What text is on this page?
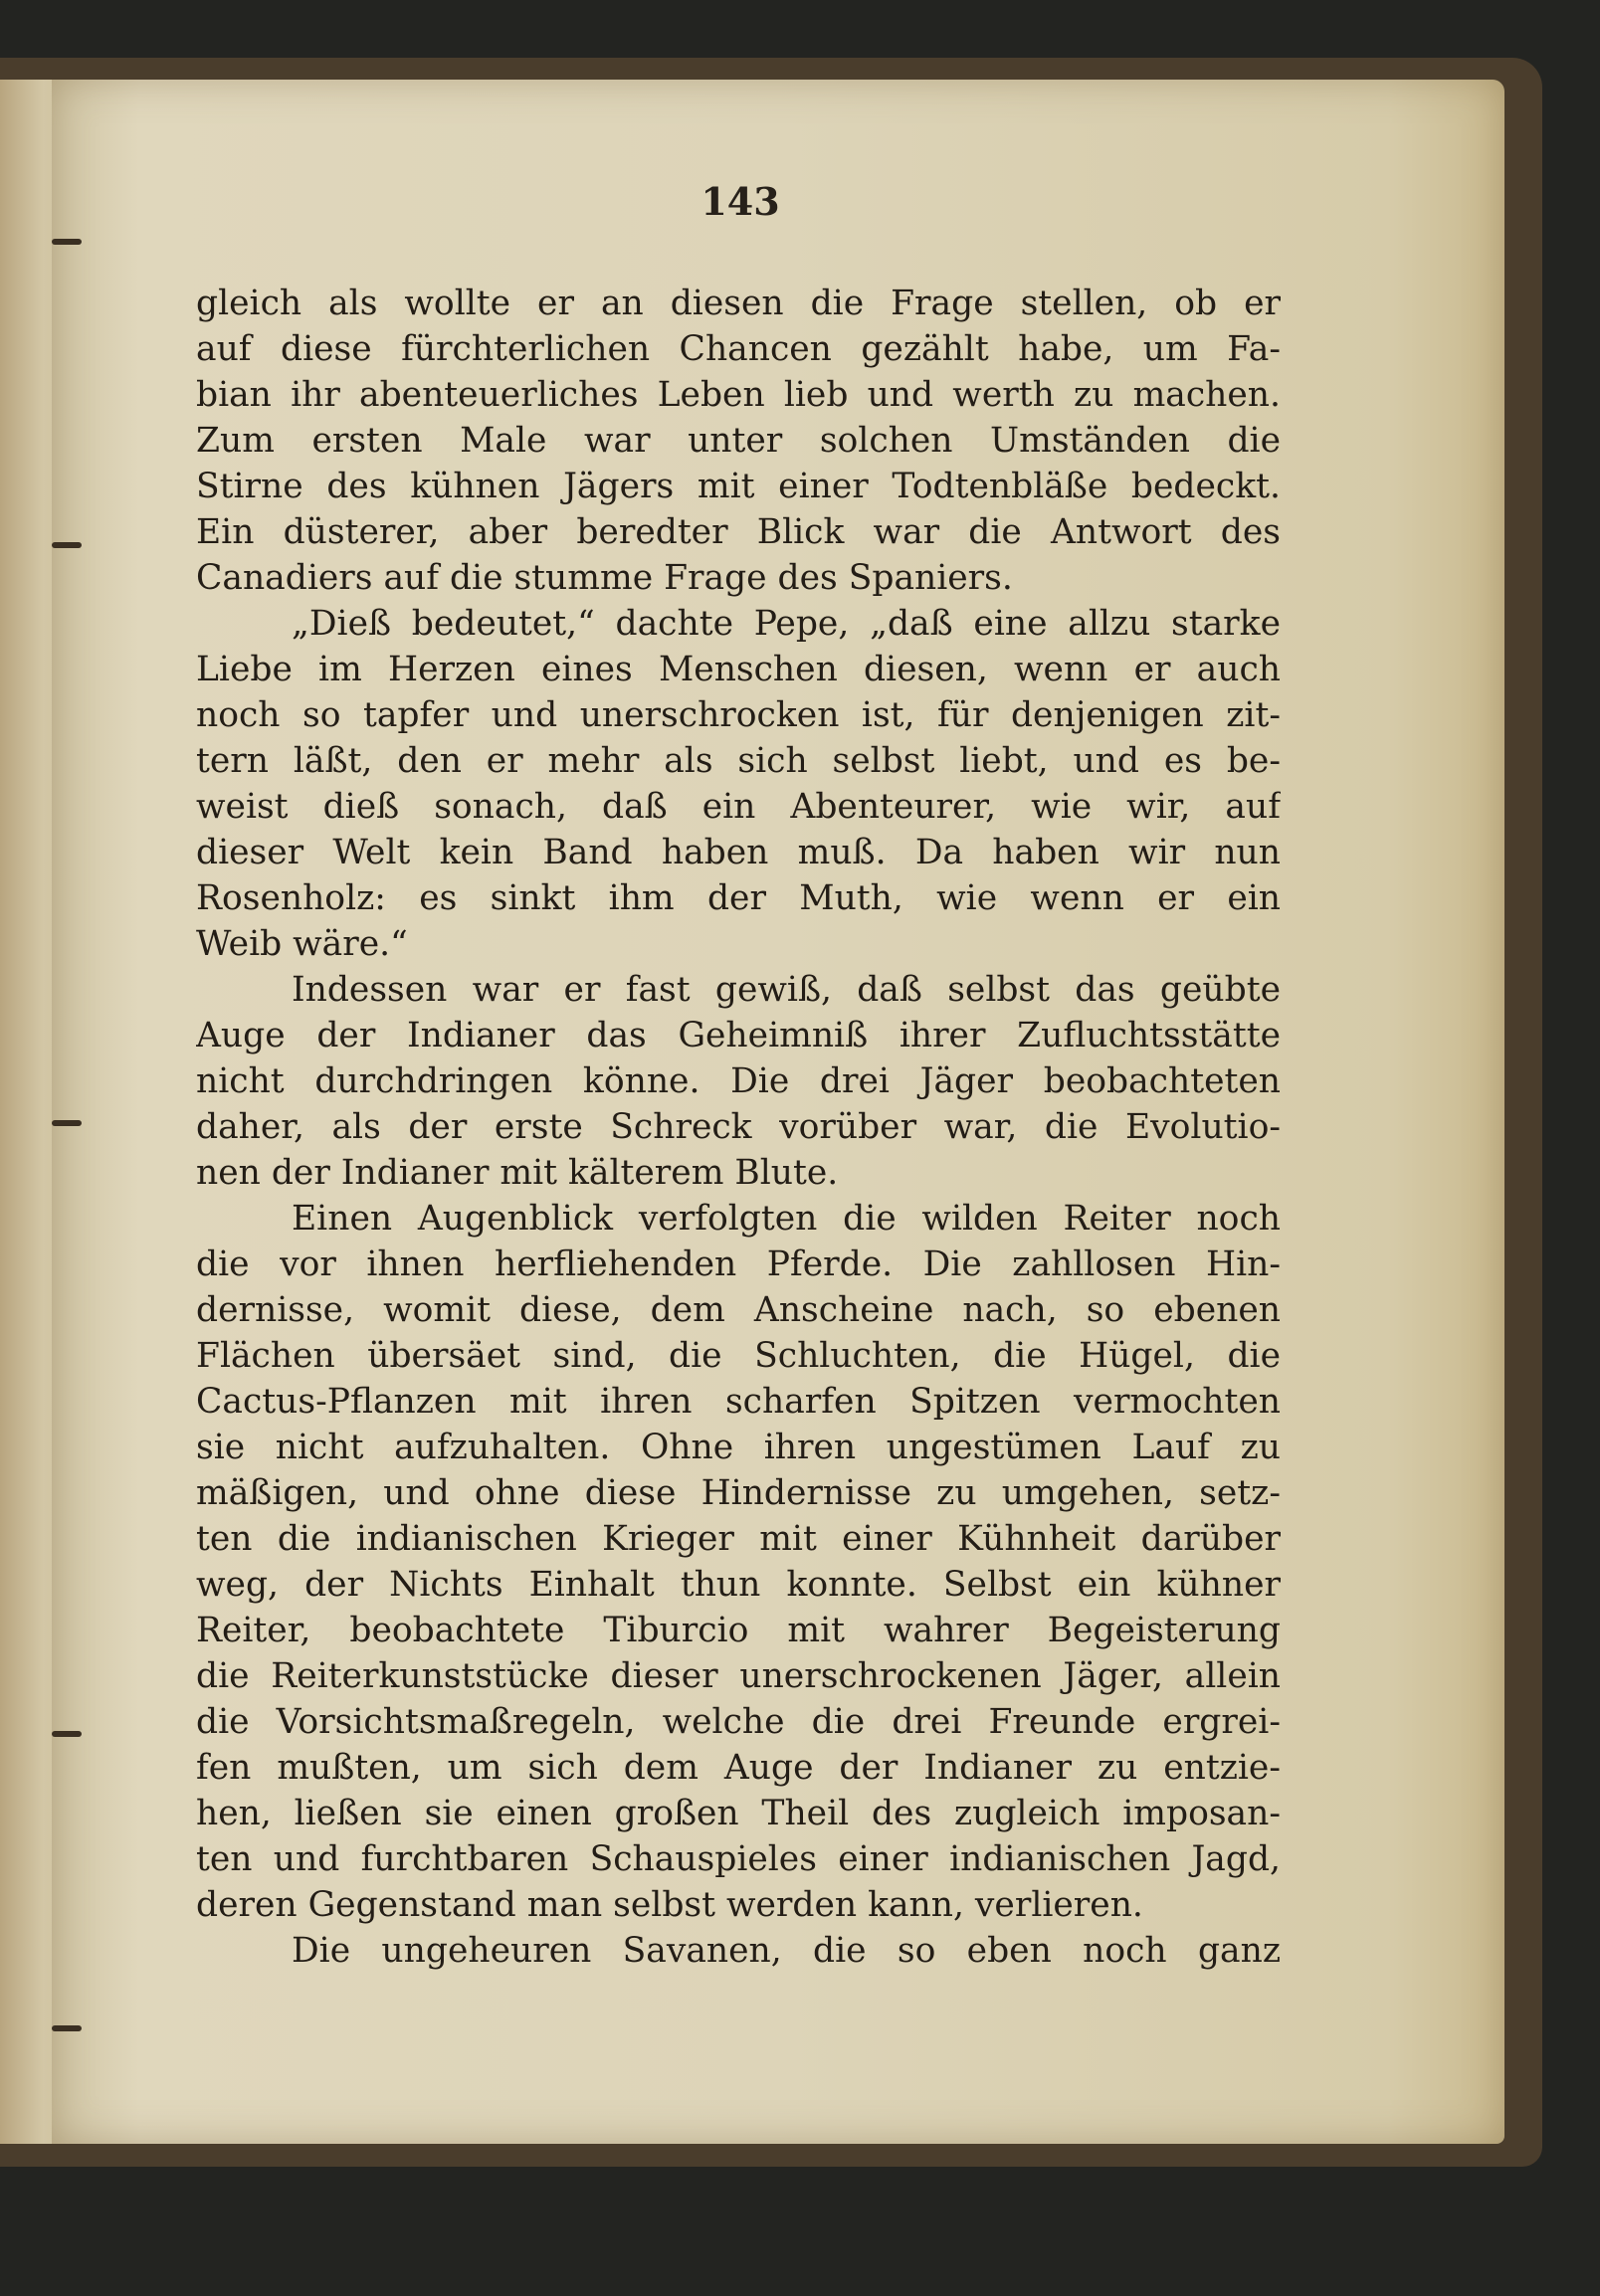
143
gleich als wollte er an diesen die Frage stellen, ob er
auf diese fürchterlichen Chancen gezählt habe, um Fa-
bian ihr abenteuerliches Leben lieb und werth zu machen.
Zum ersten Male war unter solchen Umständen die
Stirne des kühnen Jägers mit einer Todtenbläße bedeckt.
Ein düsterer, aber beredter Blick war die Antwort des
Canadiers auf die stumme Frage des Spaniers.
„Dieß bedeutet,“ dachte Pepe, „daß eine allzu starke
Liebe im Herzen eines Menschen diesen, wenn er auch
noch so tapfer und unerschrocken ist, für denjenigen zit-
tern läßt, den er mehr als sich selbst liebt, und es be-
weist dieß sonach, daß ein Abenteurer, wie wir, auf
dieser Welt kein Band haben muß. Da haben wir nun
Rosenholz: es sinkt ihm der Muth, wie wenn er ein
Weib wäre.“
Indessen war er fast gewiß, daß selbst das geübte
Auge der Indianer das Geheimniß ihrer Zufluchtsstätte
nicht durchdringen könne. Die drei Jäger beobachteten
daher, als der erste Schreck vorüber war, die Evolutio-
nen der Indianer mit kälterem Blute.
Einen Augenblick verfolgten die wilden Reiter noch
die vor ihnen herfliehenden Pferde. Die zahllosen Hin-
dernisse, womit diese, dem Anscheine nach, so ebenen
Flächen übersäet sind, die Schluchten, die Hügel, die
Cactus-Pflanzen mit ihren scharfen Spitzen vermochten
sie nicht aufzuhalten. Ohne ihren ungestümen Lauf zu
mäßigen, und ohne diese Hindernisse zu umgehen, setz-
ten die indianischen Krieger mit einer Kühnheit darüber
weg, der Nichts Einhalt thun konnte. Selbst ein kühner
Reiter, beobachtete Tiburcio mit wahrer Begeisterung
die Reiterkunststücke dieser unerschrockenen Jäger, allein
die Vorsichtsmaßregeln, welche die drei Freunde ergrei-
fen mußten, um sich dem Auge der Indianer zu entzie-
hen, ließen sie einen großen Theil des zugleich imposan-
ten und furchtbaren Schauspieles einer indianischen Jagd,
deren Gegenstand man selbst werden kann, verlieren.
Die ungeheuren Savanen, die so eben noch ganz
